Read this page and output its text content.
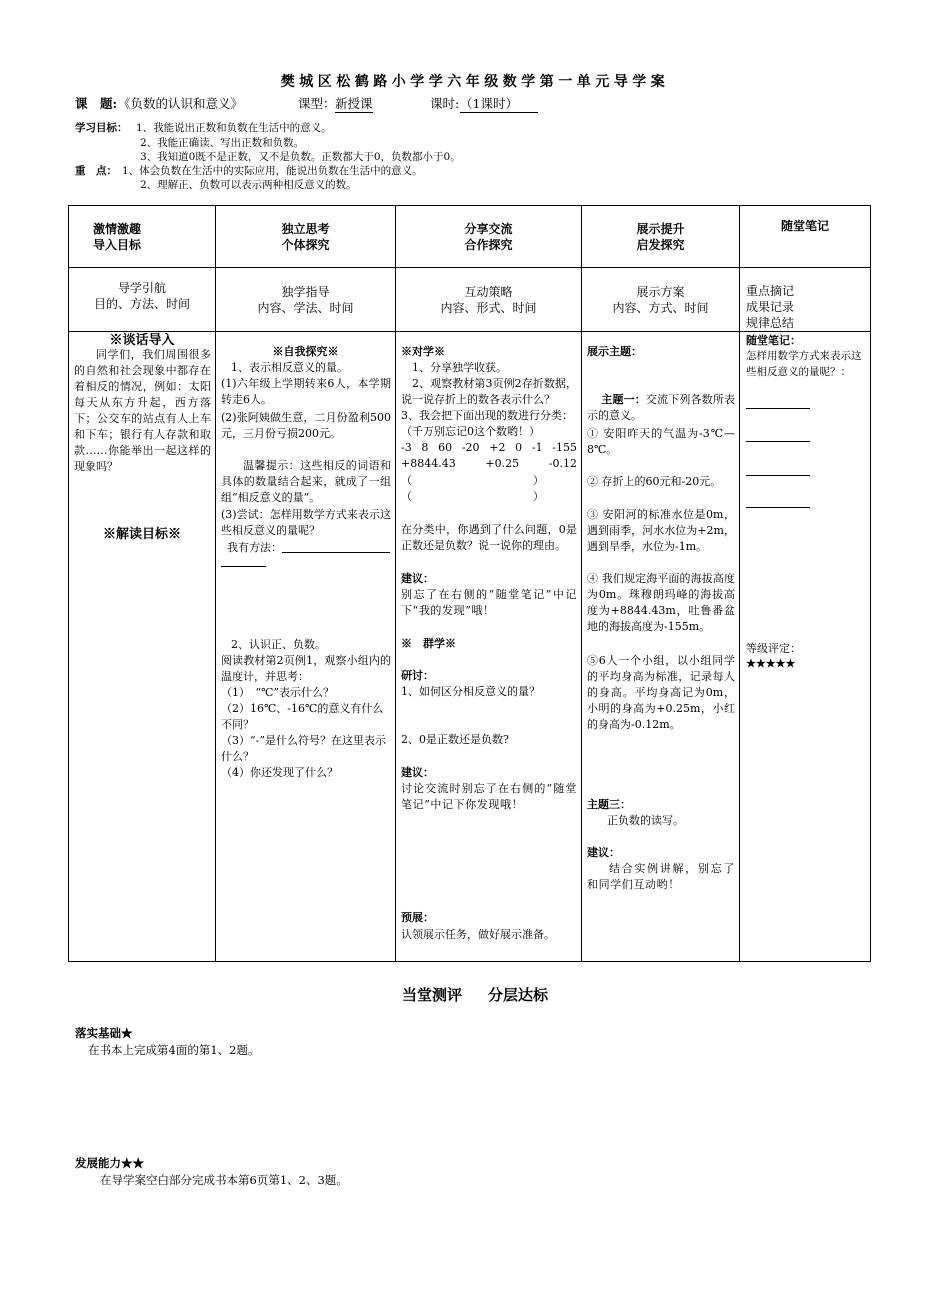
樊城区松鹤路小学学六年级数学第一单元导学案
课　题: 《负数的认识和意义》	课型： 新授课	课时: （1课时）
学习目标： 1、我能说出正数和负数在生活中的意义。
2、我能正确读、写出正数和负数。
3、我知道0既不是正数，又不是负数。正数都大于0，负数都小于0。
重　点： 1、体会负数在生活中的实际应用，能说出负数在生活中的意义。
2、理解正、负数可以表示两种相反意义的数。
激情激趣
导入目标
独立思考
个体探究
分享交流
合作探究
展示提升
启发探究
随堂笔记
导学引航
目的、方法、时间
独学指导
内容、学法、时间
互动策略
内容、形式、时间
展示方案
内容、方式、时间
重点摘记
成果记录
规律总结
※谈话导入
同学们，我们周围很多的自然和社会现象中都存在着相反的情况，例如：太阳每天从东方升起，西方落下；公交车的站点有人上车和下车；银行有人存款和取款……你能举出一起这样的现象吗？
※解读目标※
※自我探究※
1、表示相反意义的量。
(1)六年级上学期转来6人，本学期转走6人。
(2)张阿姨做生意，二月份盈利500元，三月份亏损200元。
温馨提示：这些相反的词语和具体的数量结合起来，就成了一组组“相反意义的量”。
(3)尝试：怎样用数学方式来表示这些相反意义的量呢？
我有方法：
2、认识正、负数。
阅读教材第2页例1，观察小组内的温度计，并思考：
（1）　“℃”表示什么？
（2）16℃、-16℃的意义有什么不同？
（3）“-”是什么符号？在这里表示什么？
（4）你还发现了什么？
※对学※
1、分享独学收获。
2、观察教材第3页例2存折数据，说一说存折上的数各表示什么？
3、我会把下面出现的数进行分类：
（千万别忘记0这个数哟！）
-3 8 60 -20 +2 0 -1 -155 +8844.43 +0.25 -0.12
（　　　　　　　　　　　）
（　　　　　　　　　　　）
在分类中，你遇到了什么问题，0是正数还是负数？说一说你的理由。
建议：
别忘了在右侧的“随堂笔记”中记下“我的发现”哦！
※　群学※
研讨：
1、如何区分相反意义的量？
2、0是正数还是负数?
建议：
讨论交流时别忘了在右侧的“随堂笔记”中记下你发现哦！
预展：
认领展示任务，做好展示准备。
展示主题：
主题一：交流下列各数所表示的意义。
① 安阳昨天的气温为-3℃—8℃。
② 存折上的60元和-20元。
③ 安阳河的标准水位是0m，遇到雨季，河水水位为+2m，遇到旱季，水位为-1m。
④ 我们规定海平面的海拔高度为0m。珠穆朗玛峰的海拔高度为+8844.43m，吐鲁番盆地的海拔高度为-155m。
⑤6人一个小组，以小组同学的平均身高为标准，记录每人的身高。平均身高记为0m，小明的身高为+0.25m，小红的身高为-0.12m。
主题三：
正负数的读写。
建议：
结合实例讲解，别忘了和同学们互动哟！
随堂笔记：
怎样用数学方式来表示这些相反意义的量呢？：
等级评定：
★★★★★
当堂测评 分层达标
落实基础★
在书本上完成第4面的第1、2题。
发展能力★★
在导学案空白部分完成书本第6页第1、2、3题。
